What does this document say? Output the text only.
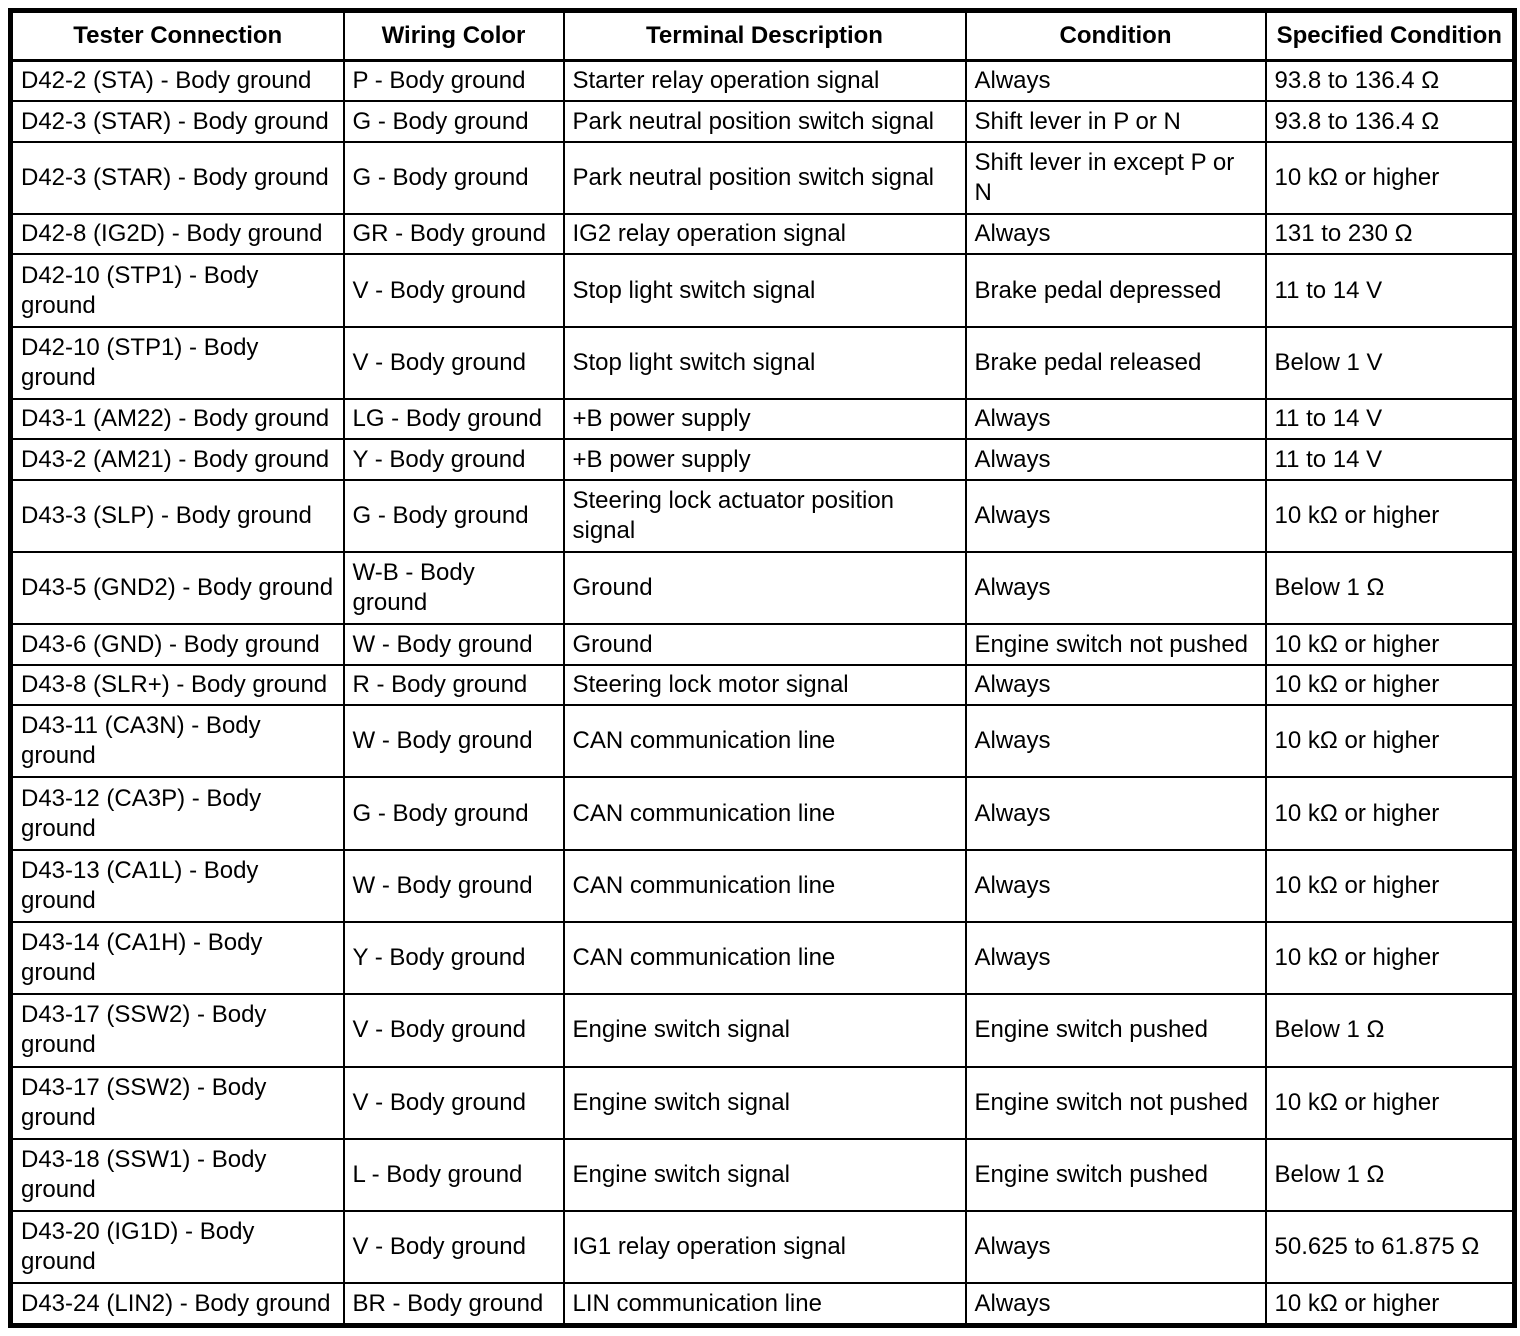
Tester Connection	Wiring Color	Terminal Description	Condition	Specified Condition
D42-2 (STA) - Body ground	P - Body ground	Starter relay operation signal	Always	93.8 to 136.4 Ω
D42-3 (STAR) - Body ground	G - Body ground	Park neutral position switch signal	Shift lever in P or N	93.8 to 136.4 Ω
D42-3 (STAR) - Body ground	G - Body ground	Park neutral position switch signal	Shift lever in except P or N	10 kΩ or higher
D42-8 (IG2D) - Body ground	GR - Body ground	IG2 relay operation signal	Always	131 to 230 Ω
D42-10 (STP1) - Body ground	V - Body ground	Stop light switch signal	Brake pedal depressed	11 to 14 V
D42-10 (STP1) - Body ground	V - Body ground	Stop light switch signal	Brake pedal released	Below 1 V
D43-1 (AM22) - Body ground	LG - Body ground	+B power supply	Always	11 to 14 V
D43-2 (AM21) - Body ground	Y - Body ground	+B power supply	Always	11 to 14 V
D43-3 (SLP) - Body ground	G - Body ground	Steering lock actuator position signal	Always	10 kΩ or higher
D43-5 (GND2) - Body ground	W-B - Body ground	Ground	Always	Below 1 Ω
D43-6 (GND) - Body ground	W - Body ground	Ground	Engine switch not pushed	10 kΩ or higher
D43-8 (SLR+) - Body ground	R - Body ground	Steering lock motor signal	Always	10 kΩ or higher
D43-11 (CA3N) - Body ground	W - Body ground	CAN communication line	Always	10 kΩ or higher
D43-12 (CA3P) - Body ground	G - Body ground	CAN communication line	Always	10 kΩ or higher
D43-13 (CA1L) - Body ground	W - Body ground	CAN communication line	Always	10 kΩ or higher
D43-14 (CA1H) - Body ground	Y - Body ground	CAN communication line	Always	10 kΩ or higher
D43-17 (SSW2) - Body ground	V - Body ground	Engine switch signal	Engine switch pushed	Below 1 Ω
D43-17 (SSW2) - Body ground	V - Body ground	Engine switch signal	Engine switch not pushed	10 kΩ or higher
D43-18 (SSW1) - Body ground	L - Body ground	Engine switch signal	Engine switch pushed	Below 1 Ω
D43-20 (IG1D) - Body ground	V - Body ground	IG1 relay operation signal	Always	50.625 to 61.875 Ω
D43-24 (LIN2) - Body ground	BR - Body ground	LIN communication line	Always	10 kΩ or higher
